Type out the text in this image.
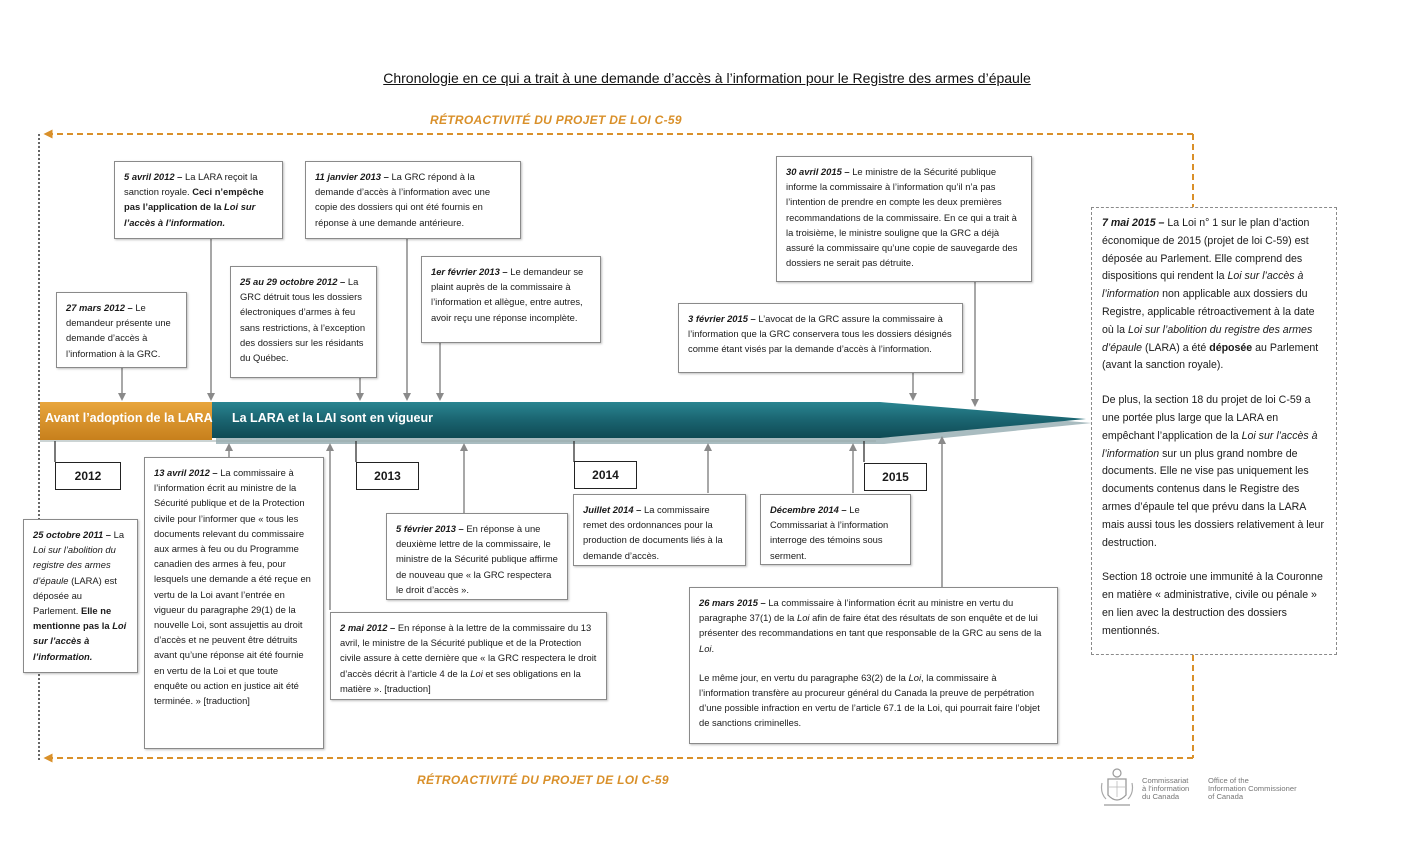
Chronologie en ce qui a trait à une demande d’accès à l’information pour le Registre des armes d’épaule
RÉTROACTIVITÉ DU PROJET DE LOI C-59
RÉTROACTIVITÉ DU PROJET DE LOI C-59
Avant l’adoption de la LARA La LARA et la LAI sont en vigueur
2012	2013	2014	2015
5 avril 2012 – La LARA reçoit la sanction royale. Ceci n’empêche pas l’application de la Loi sur l’accès à l’information.
27 mars 2012 – Le demandeur présente une demande d’accès à l’information à la GRC.
11 janvier 2013 – La GRC répond à la demande d’accès à l’information avec une copie des dossiers qui ont été fournis en réponse à une demande antérieure.
25 au 29 octobre 2012 – La GRC détruit tous les dossiers électroniques d’armes à feu sans restrictions, à l’exception des dossiers sur les résidants du Québec.
1er février 2013 – Le demandeur se plaint auprès de la commissaire à l’information et allègue, entre autres, avoir reçu une réponse incomplète.
30 avril 2015 – Le ministre de la Sécurité publique informe la commissaire à l’information qu’il n’a pas l’intention de prendre en compte les deux premières recommandations de la commissaire. En ce qui a trait à la troisième, le ministre souligne que la GRC a déjà assuré la commissaire qu’une copie de sauvegarde des dossiers ne serait pas détruite.
3 février 2015 – L’avocat de la GRC assure la commissaire à l’information que la GRC conservera tous les dossiers désignés comme étant visés par la demande d’accès à l’information.
25 octobre 2011 – La Loi sur l’abolition du registre des armes d’épaule (LARA) est déposée au Parlement. Elle ne mentionne pas la Loi sur l’accès à l’information.
13 avril 2012 – La commissaire à l’information écrit au ministre de la Sécurité publique et de la Protection civile pour l’informer que « tous les documents relevant du commissaire aux armes à feu ou du Programme canadien des armes à feu, pour lesquels une demande a été reçue en vertu de la Loi avant l’entrée en vigueur du paragraphe 29(1) de la nouvelle Loi, sont assujettis au droit d’accès et ne peuvent être détruits avant qu’une réponse ait été fournie en vertu de la Loi et que toute enquête ou action en justice ait été terminée. » [traduction]
2 mai 2012 – En réponse à la lettre de la commissaire du 13 avril, le ministre de la Sécurité publique et de la Protection civile assure à cette dernière que « la GRC respectera le droit d’accès décrit à l’article 4 de la Loi et ses obligations en la matière ». [traduction]
5 février 2013 – En réponse à une deuxième lettre de la commissaire, le ministre de la Sécurité publique affirme de nouveau que « la GRC respectera le droit d’accès ».
Juillet 2014 – La commissaire remet des ordonnances pour la production de documents liés à la demande d’accès.
Décembre 2014 – Le Commissariat à l’information interroge des témoins sous serment.

26 mars 2015 – La commissaire à l’information écrit au ministre en vertu du paragraphe 37(1) de la Loi afin de faire état des résultats de son enquête et de lui présenter des recommandations en tant que responsable de la GRC au sens de la Loi.

Le même jour, en vertu du paragraphe 63(2) de la Loi, la commissaire à l’information transfère au procureur général du Canada la preuve de perpétration d’une possible infraction en vertu de l’article 67.1 de la Loi, qui pourrait faire l’objet de sanctions criminelles.

7 mai 2015 – La Loi n° 1 sur le plan d’action économique de 2015 (projet de loi C-59) est déposée au Parlement. Elle comprend des dispositions qui rendent la Loi sur l’accès à l’information non applicable aux dossiers du Registre, applicable rétroactivement à la date où la Loi sur l’abolition du registre des armes d’épaule (LARA) a été déposée au Parlement (avant la sanction royale).

De plus, la section 18 du projet de loi C-59 a une portée plus large que la LARA en empêchant l’application de la Loi sur l’accès à l’information sur un plus grand nombre de documents. Elle ne vise pas uniquement les documents contenus dans le Registre des armes d’épaule tel que prévu dans la LARA mais aussi tous les dossiers relativement à leur destruction.

Section 18 octroie une immunité à la Couronne en matière « administrative, civile ou pénale » en lien avec la destruction des dossiers mentionnés.

Commissariat
à l’information
du Canada
Office of the
Information Commissioner
of Canada
